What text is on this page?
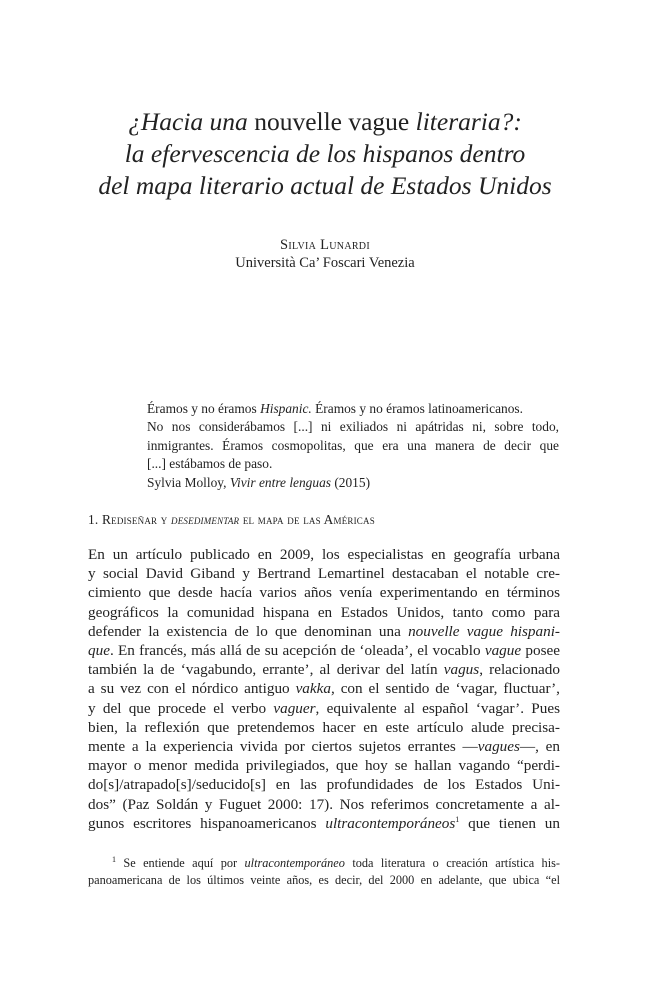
¿Hacia una nouvelle vague literaria?:
la efervescencia de los hispanos dentro
del mapa literario actual de Estados Unidos
Silvia Lunardi
Università Ca’ Foscari Venezia

Éramos y no éramos Hispanic. Éramos y no éramos latinoamericanos.

No nos considerábamos [...] ni exiliados ni apátridas ni, sobre todo,

inmigrantes. Éramos cosmopolitas, que era una manera de decir que

[...] estábamos de paso.

Sylvia Molloy, Vivir entre lenguas (2015)

1. Rediseñar y desedimentar el mapa de las Américas
En un artículo publicado en 2009, los especialistas en geografía urbana
y social David Giband y Bertrand Lemartinel destacaban el notable cre-
cimiento que desde hacía varios años venía experimentando en términos
geográficos la comunidad hispana en Estados Unidos, tanto como para
defender la existencia de lo que denominan una nouvelle vague hispani-
que. En francés, más allá de su acepción de ‘oleada’, el vocablo vague posee
también la de ‘vagabundo, errante’, al derivar del latín vagus, relacionado
a su vez con el nórdico antiguo vakka, con el sentido de ‘vagar, fluctuar’,
y del que procede el verbo vaguer, equivalente al español ‘vagar’. Pues
bien, la reflexión que pretendemos hacer en este artículo alude precisa-
mente a la experiencia vivida por ciertos sujetos errantes —vagues—, en
mayor o menor medida privilegiados, que hoy se hallan vagando “perdi-
do[s]/atrapado[s]/seducido[s] en las profundidades de los Estados Uni-
dos” (Paz Soldán y Fuguet 2000: 17). Nos referimos concretamente a al-
gunos escritores hispanoamericanos ultracontemporáneos$^1$ que tienen un
$^1$ Se entiende aquí por ultracontemporáneo toda literatura o creación artística his-
panoamericana de los últimos veinte años, es decir, del 2000 en adelante, que ubica “el
